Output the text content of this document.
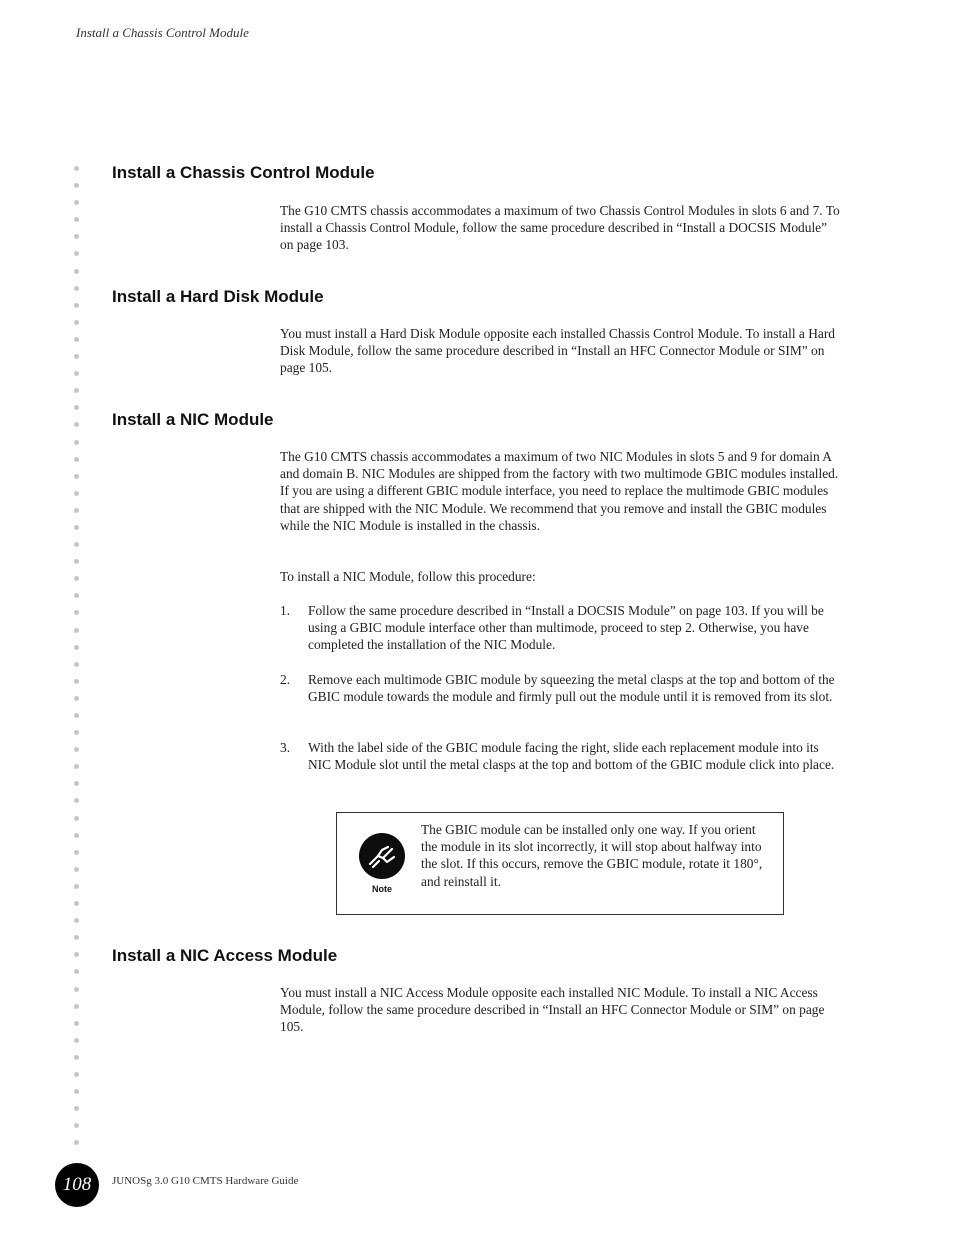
Install a Chassis Control Module
Install a Chassis Control Module

The G10 CMTS chassis accommodates a maximum of two Chassis Control Modules in slots 6 and 7. To install a Chassis Control Module, follow the same procedure described in “Install a DOCSIS Module” on page 103.

Install a Hard Disk Module

You must install a Hard Disk Module opposite each installed Chassis Control Module. To install a Hard Disk Module, follow the same procedure described in “Install an HFC Connector Module or SIM” on page 105.

Install a NIC Module

The G10 CMTS chassis accommodates a maximum of two NIC Modules in slots 5 and 9 for domain A and domain B. NIC Modules are shipped from the factory with two multimode GBIC modules installed. If you are using a different GBIC module interface, you need to replace the multimode GBIC modules that are shipped with the NIC Module. We recommend that you remove and install the GBIC modules while the NIC Module is installed in the chassis.

To install a NIC Module, follow this procedure:

1. Follow the same procedure described in “Install a DOCSIS Module” on page 103. If you will be using a GBIC module interface other than multimode, proceed to step 2. Otherwise, you have completed the installation of the NIC Module.
2. Remove each multimode GBIC module by squeezing the metal clasps at the top and bottom of the GBIC module towards the module and firmly pull out the module until it is removed from its slot.
3. With the label side of the GBIC module facing the right, slide each replacement module into its NIC Module slot until the metal clasps at the top and bottom of the GBIC module click into place.
Note

The GBIC module can be installed only one way. If you orient the module in its slot incorrectly, it will stop about halfway into the slot. If this occurs, remove the GBIC module, rotate it 180°, and reinstall it.

Install a NIC Access Module

You must install a NIC Access Module opposite each installed NIC Module. To install a NIC Access Module, follow the same procedure described in “Install an HFC Connector Module or SIM” on page 105.

108	JUNOSg 3.0 G10 CMTS Hardware Guide
